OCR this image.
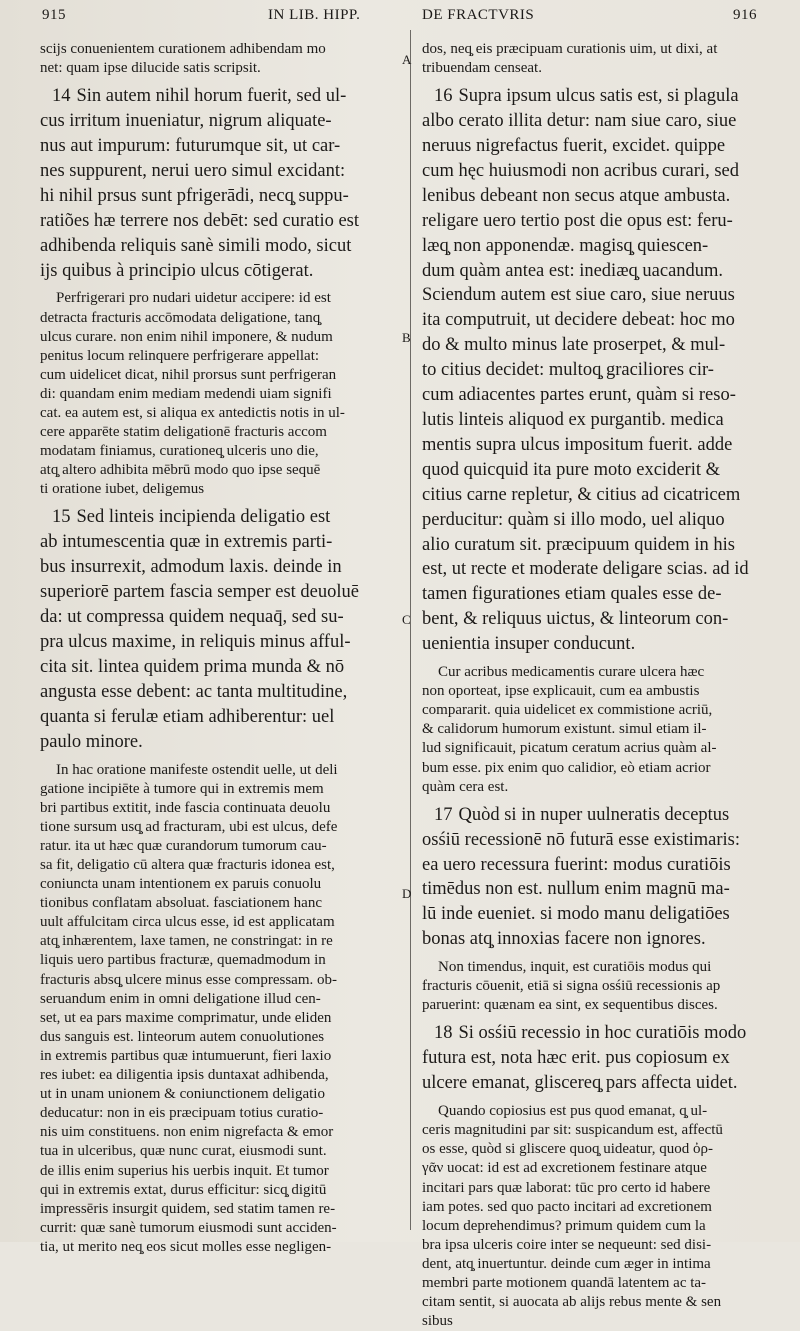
915	IN LIB. HIPP.	DE FRACTVRIS	916
A
B
C
D
scijs conuenientem curationem adhibendam mo
net: quam ipse dilucide satis scripsit.
14 Sin autem nihil horum fuerit, sed ul-
cus irritum inueniatur, nigrum aliquate-
nus aut impurum: futurumque sit, ut car-
nes suppurent, nerui uero simul excidant:
hi nihil prsus sunt pfrigerādi, necq̧ suppu-
ratiões hæ terrere nos debēt: sed curatio est
adhibenda reliquis sanè simili modo, sicut
ijs quibus à principio ulcus cōtigerat.
Perfrigerari pro nudari uidetur accipere: id est
detracta fracturis accōmodata deligatione, tanq̧
ulcus curare. non enim nihil imponere, & nudum
penitus locum relinquere perfrigerare appellat:
cum uidelicet dicat, nihil prorsus sunt perfrigeran
di: quandam enim mediam medendi uiam signifi
cat. ea autem est, si aliqua ex antedictis notis in ul-
cere apparēte statim deligationē fracturis accom
modatam finiamus, curationeq̧ ulceris uno die,
atq̧ altero adhibita mēbrū modo quo ipse sequē
ti oratione iubet, deligemus
15 Sed linteis incipienda deligatio est
ab intumescentia quæ in extremis parti-
bus insurrexit, admodum laxis. deinde in
superiorē partem fascia semper est deuoluē
da: ut compressa quidem nequaq̄, sed su-
pra ulcus maxime, in reliquis minus afful-
cita sit. lintea quidem prima munda & nō
angusta esse debent: ac tanta multitudine,
quanta si ferulæ etiam adhiberentur: uel
paulo minore.
In hac oratione manifeste ostendit uelle, ut deli
gatione incipiēte à tumore qui in extremis mem
bri partibus extitit, inde fascia continuata deuolu
tione sursum usq̧ ad fracturam, ubi est ulcus, defe
ratur. ita ut hæc quæ curandorum tumorum cau-
sa fit, deligatio cū altera quæ fracturis idonea est,
coniuncta unam intentionem ex paruis conuolu
tionibus conflatam absoluat. fasciationem hanc
uult affulcitam circa ulcus esse, id est applicatam
atq̧ inhærentem, laxe tamen, ne constringat: in re
liquis uero partibus fracturæ, quemadmodum in
fracturis absq̧ ulcere minus esse compressam. ob-
seruandum enim in omni deligatione illud cen-
set, ut ea pars maxime comprimatur, unde eliden
dus sanguis est. linteorum autem conuolutiones
in extremis partibus quæ intumuerunt, fieri laxio
res iubet: ea diligentia ipsis duntaxat adhibenda,
ut in unam unionem & coniunctionem deligatio
deducatur: non in eis præcipuam totius curatio-
nis uim constituens. non enim nigrefacta & emor
tua in ulceribus, quæ nunc curat, eiusmodi sunt.
de illis enim superius his uerbis inquit. Et tumor
qui in extremis extat, durus efficitur: sicq̧ digitū
impressēris insurgit quidem, sed statim tamen re-
currit: quæ sanè tumorum eiusmodi sunt acciden-
tia, ut merito neq̧ eos sicut molles esse negligen-
dos, neq̧ eis præcipuam curationis uim, ut dixi, at
tribuendam censeat.
16 Supra ipsum ulcus satis est, si plagula
albo cerato illita detur: nam siue caro, siue
neruus nigrefactus fuerit, excidet. quippe
cum hęc huiusmodi non acribus curari, sed
lenibus debeant non secus atque ambusta.
religare uero tertio post die opus est: feru-
læq̧ non apponendæ. magisq̧ quiescen-
dum quàm antea est: inediæq̧ uacandum.
Sciendum autem est siue caro, siue neruus
ita computruit, ut decidere debeat: hoc mo
do & multo minus late proserpet, & mul-
to citius decidet: multoq̧ graciliores cir-
cum adiacentes partes erunt, quàm si reso-
lutis linteis aliquod ex purgantib. medica
mentis supra ulcus impositum fuerit. adde
quod quicquid ita pure moto exciderit &
citius carne repletur, & citius ad cicatricem
perducitur: quàm si illo modo, uel aliquo
alio curatum sit. præcipuum quidem in his
est, ut recte et moderate deligare scias. ad id
tamen figurationes etiam quales esse de-
bent, & reliquus uictus, & linteorum con-
uenientia insuper conducunt.
Cur acribus medicamentis curare ulcera hæc
non oporteat, ipse explicauit, cum ea ambustis
compararit. quia uidelicet ex commistione acriū,
& calidorum humorum existunt. simul etiam il-
lud significauit, picatum ceratum acrius quàm al-
bum esse. pix enim quo calidior, eò etiam acrior
quàm cera est.
17 Quòd si in nuper uulneratis deceptus
osśiū recessionē nō futurā esse existimaris:
ea uero recessura fuerint: modus curatiōis
timēdus non est. nullum enim magnū ma-
lū inde eueniet. si modo manu deligatiōes
bonas atq̧ innoxias facere non ignores.
Non timendus, inquit, est curatiōis modus qui
fracturis cōuenit, etiā si signa osśiū recessionis ap
paruerint: quænam ea sint, ex sequentibus disces.
18 Si osśiū recessio in hoc curatiōis modo
futura est, nota hæc erit. pus copiosum ex
ulcere emanat, gliscereq̧ pars affecta uidet.
Quando copiosius est pus quod emanat, q̧ ul-
ceris magnitudini par sit: suspicandum est, affectū
os esse, quòd si gliscere quoq̧ uideatur, quod ὀρ-
γᾶν uocat: id est ad excretionem festinare atque
incitari pars quæ laborat: tūc pro certo id habere
iam potes. sed quo pacto incitari ad excretionem
locum deprehendimus? primum quidem cum la
bra ipsa ulceris coire inter se nequeunt: sed disi-
dent, atq̧ inuertuntur. deinde cum æger in intima
membri parte motionem quandā latentem ac ta-
citam sentit, si auocata ab alijs rebus mente & sen
sibus
